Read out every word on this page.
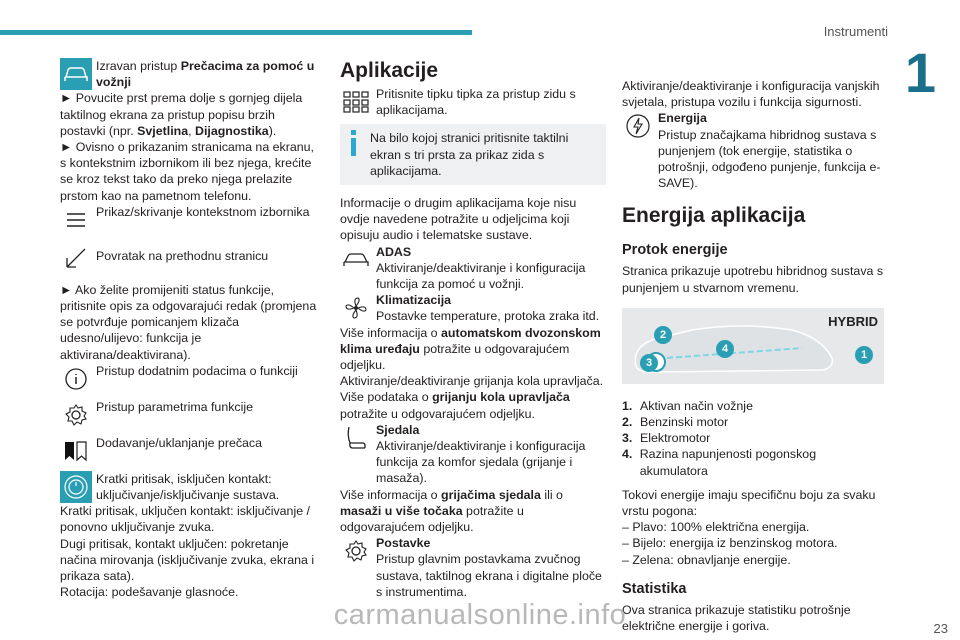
Instrumenti
1

Izravan pristup Prečacima za pomoć u vožnji

► Povucite prst prema dolje s gornjeg dijela taktilnog ekrana za pristup popisu brzih postavki (npr. Svjetlina, Dijagnostika).

► Ovisno o prikazanim stranicama na ekranu, s kontekstnim izbornikom ili bez njega, krećite se kroz tekst tako da preko njega prelazite prstom kao na pametnom telefonu.

Prikaz/skrivanje kontekstnom izbornika

Povratak na prethodnu stranicu

► Ako želite promijeniti status funkcije, pritisnite opis za odgovarajući redak (promjena se potvrđuje pomicanjem klizača udesno/ulijevo: funkcija je aktivirana/deaktivirana).

Pristup dodatnim podacima o funkciji

Pristup parametrima funkcije

Dodavanje/uklanjanje prečaca

Kratki pritisak, isključen kontakt: uključivanje/isključivanje sustava.

Kratki pritisak, uključen kontakt: isključivanje / ponovno uključivanje zvuka.

Dugi pritisak, kontakt uključen: pokretanje načina mirovanja (isključivanje zvuka, ekrana i prikaza sata).

Rotacija: podešavanje glasnoće.

Aplikacije

Pritisnite tipku tipka za pristup zidu s aplikacijama.

Na bilo kojoj stranici pritisnite taktilni ekran s tri prsta za prikaz zida s aplikacijama.

Informacije o drugim aplikacijama koje nisu ovdje navedene potražite u odjeljcima koji opisuju audio i telematske sustave.

ADAS
Aktiviranje/deaktiviranje i konfiguracija funkcija za pomoć u vožnji.

Klimatizacija
Postavke temperature, protoka zraka itd.

Više informacija o automatskom dvozonskom klima uređaju potražite u odgovarajućem odjeljku.

Aktiviranje/deaktiviranje grijanja kola upravljača. Više podataka o grijanju kola upravljača potražite u odgovarajućem odjeljku.

Sjedala
Aktiviranje/deaktiviranje i konfiguracija funkcija za komfor sjedala (grijanje i masaža).

Više informacija o grijačima sjedala ili o masaži u više točaka potražite u odgovarajućem odjeljku.

Postavke
Pristup glavnim postavkama zvučnog sustava, taktilnog ekrana i digitalne ploče s instrumentima.

Aktiviranje/deaktiviranje i konfiguracija vanjskih svjetala, pristupa vozilu i funkcija sigurnosti.

Energija
Pristup značajkama hibridnog sustava s punjenjem (tok energije, statistika o potrošnji, odgođeno punjenje, funkcija e-SAVE).

Energija aplikacija
Protok energije

Stranica prikazuje upotrebu hibridnog sustava s punjenjem u stvarnom vremenu.

HYBRID
1
2
3
4
1. Aktivan način vožnje
2. Benzinski motor
3. Elektromotor
4. Razina napunjenosti pogonskog akumulatora

Tokovi energije imaju specifičnu boju za svaku vrstu pogona:

– Plavo: 100% električna energija.

– Bijelo: energija iz benzinskog motora.

– Zelena: obnavljanje energije.

Statistika

Ova stranica prikazuje statistiku potrošnje električne energije i goriva.

carmanualsonline.info	23
